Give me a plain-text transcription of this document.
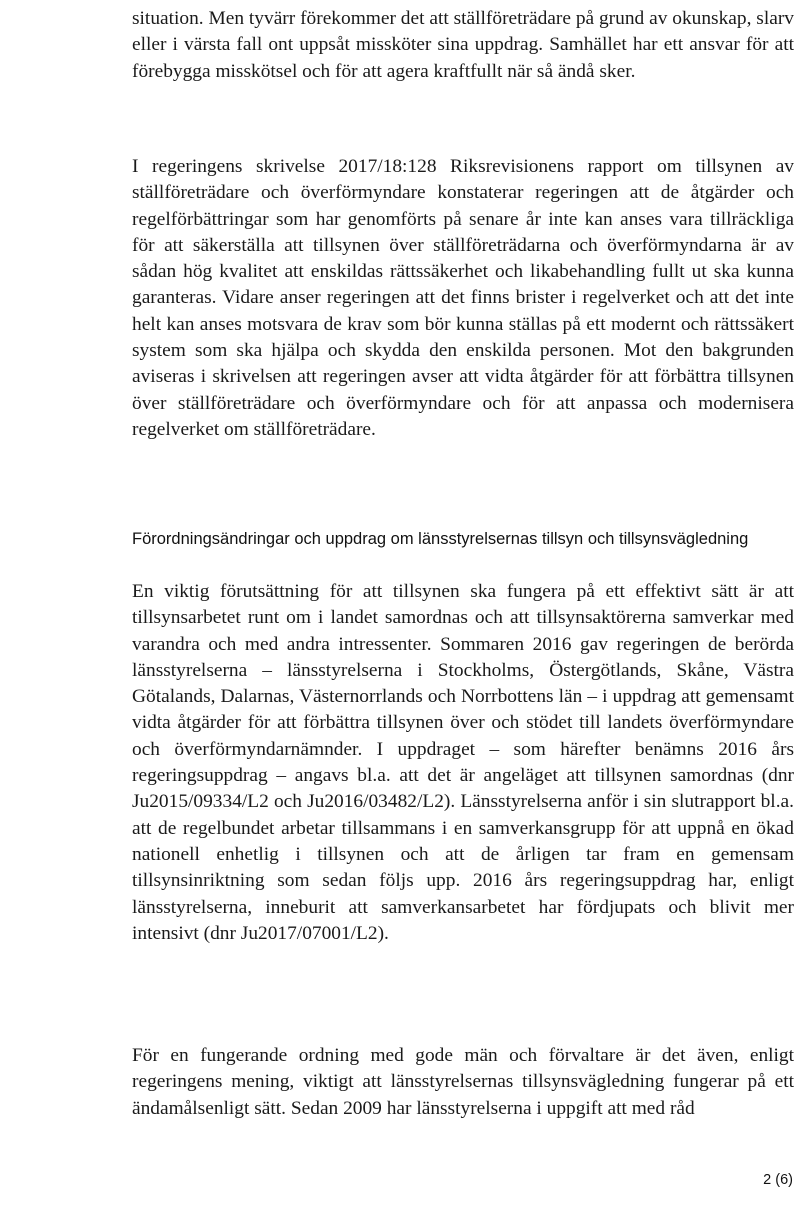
situation. Men tyvärr förekommer det att ställföreträdare på grund av okunskap, slarv eller i värsta fall ont uppsåt missköter sina uppdrag. Samhället har ett ansvar för att förebygga misskötsel och för att agera kraftfullt när så ändå sker.

I regeringens skrivelse 2017/18:128 Riksrevisionens rapport om tillsynen av ställföreträdare och överförmyndare konstaterar regeringen att de åtgärder och regelförbättringar som har genomförts på senare år inte kan anses vara tillräckliga för att säkerställa att tillsynen över ställföreträdarna och överförmyndarna är av sådan hög kvalitet att enskildas rättssäkerhet och likabehandling fullt ut ska kunna garanteras. Vidare anser regeringen att det finns brister i regelverket och att det inte helt kan anses motsvara de krav som bör kunna ställas på ett modernt och rättssäkert system som ska hjälpa och skydda den enskilda personen. Mot den bakgrunden aviseras i skrivelsen att regeringen avser att vidta åtgärder för att förbättra tillsynen över ställföreträdare och överförmyndare och för att anpassa och modernisera regelverket om ställföreträdare.

Förordningsändringar och uppdrag om länsstyrelsernas tillsyn och tillsynsvägledning

En viktig förutsättning för att tillsynen ska fungera på ett effektivt sätt är att tillsynsarbetet runt om i landet samordnas och att tillsynsaktörerna samverkar med varandra och med andra intressenter. Sommaren 2016 gav regeringen de berörda länsstyrelserna – länsstyrelserna i Stockholms, Östergötlands, Skåne, Västra Götalands, Dalarnas, Västernorrlands och Norrbottens län – i uppdrag att gemensamt vidta åtgärder för att förbättra tillsynen över och stödet till landets överförmyndare och överförmyndarnämnder. I uppdraget – som härefter benämns 2016 års regeringsuppdrag – angavs bl.a. att det är angeläget att tillsynen samordnas (dnr Ju2015/09334/L2 och Ju2016/03482/L2). Länsstyrelserna anför i sin slutrapport bl.a. att de regelbundet arbetar tillsammans i en samverkansgrupp för att uppnå en ökad nationell enhetlig i tillsynen och att de årligen tar fram en gemensam tillsynsinriktning som sedan följs upp. 2016 års regeringsuppdrag har, enligt länsstyrelserna, inneburit att samverkansarbetet har fördjupats och blivit mer intensivt (dnr Ju2017/07001/L2).

För en fungerande ordning med gode män och förvaltare är det även, enligt regeringens mening, viktigt att länsstyrelsernas tillsynsvägledning fungerar på ett ändamålsenligt sätt. Sedan 2009 har länsstyrelserna i uppgift att med råd

2 (6)
